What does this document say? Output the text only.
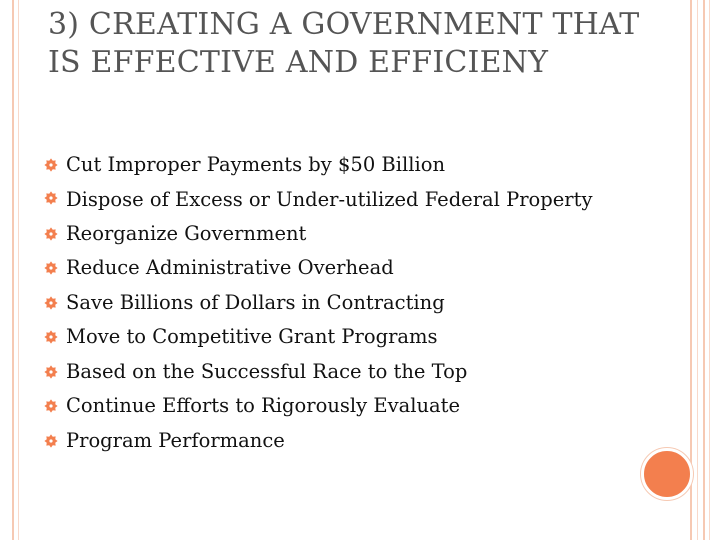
3) CREATING A GOVERNMENT THAT IS EFFECTIVE AND EFFICIENY
Cut Improper Payments by $50 Billion
Dispose of Excess or Under-utilized Federal Property
Reorganize Government
Reduce Administrative Overhead
Save Billions of Dollars in Contracting
Move to Competitive Grant Programs
Based on the Successful Race to the Top
Continue Efforts to Rigorously Evaluate
Program Performance
